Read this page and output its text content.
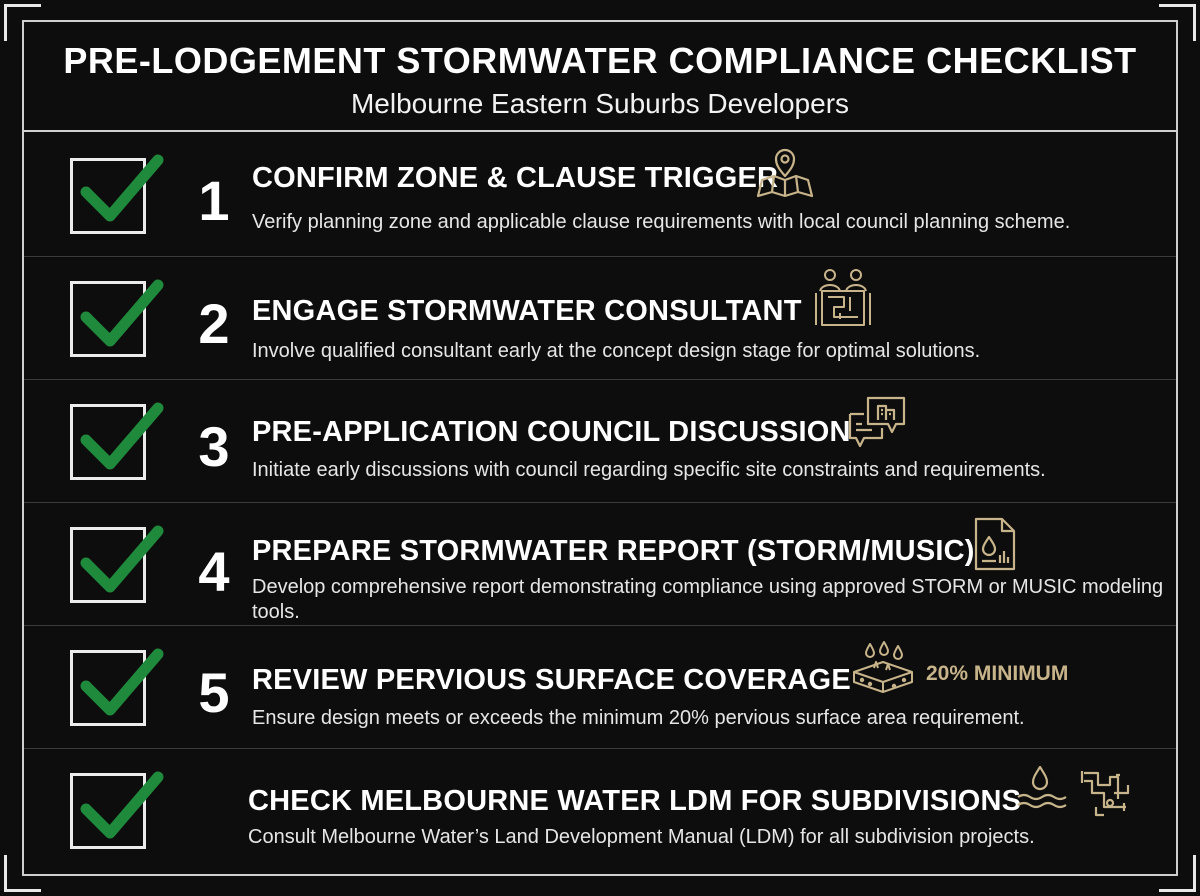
PRE-LODGEMENT STORMWATER COMPLIANCE CHECKLIST
Melbourne Eastern Suburbs Developers
1 CONFIRM ZONE & CLAUSE TRIGGER
Verify planning zone and applicable clause requirements with local council planning scheme.
2 ENGAGE STORMWATER CONSULTANT
Involve qualified consultant early at the concept design stage for optimal solutions.
3 PRE-APPLICATION COUNCIL DISCUSSION
Initiate early discussions with council regarding specific site constraints and requirements.
4 PREPARE STORMWATER REPORT (STORM/MUSIC)
Develop comprehensive report demonstrating compliance using approved STORM or MUSIC modeling tools.
5 REVIEW PERVIOUS SURFACE COVERAGE
Ensure design meets or exceeds the minimum 20% pervious surface area requirement.
20% MINIMUM
CHECK MELBOURNE WATER LDM FOR SUBDIVISIONS
Consult Melbourne Water’s Land Development Manual (LDM) for all subdivision projects.
